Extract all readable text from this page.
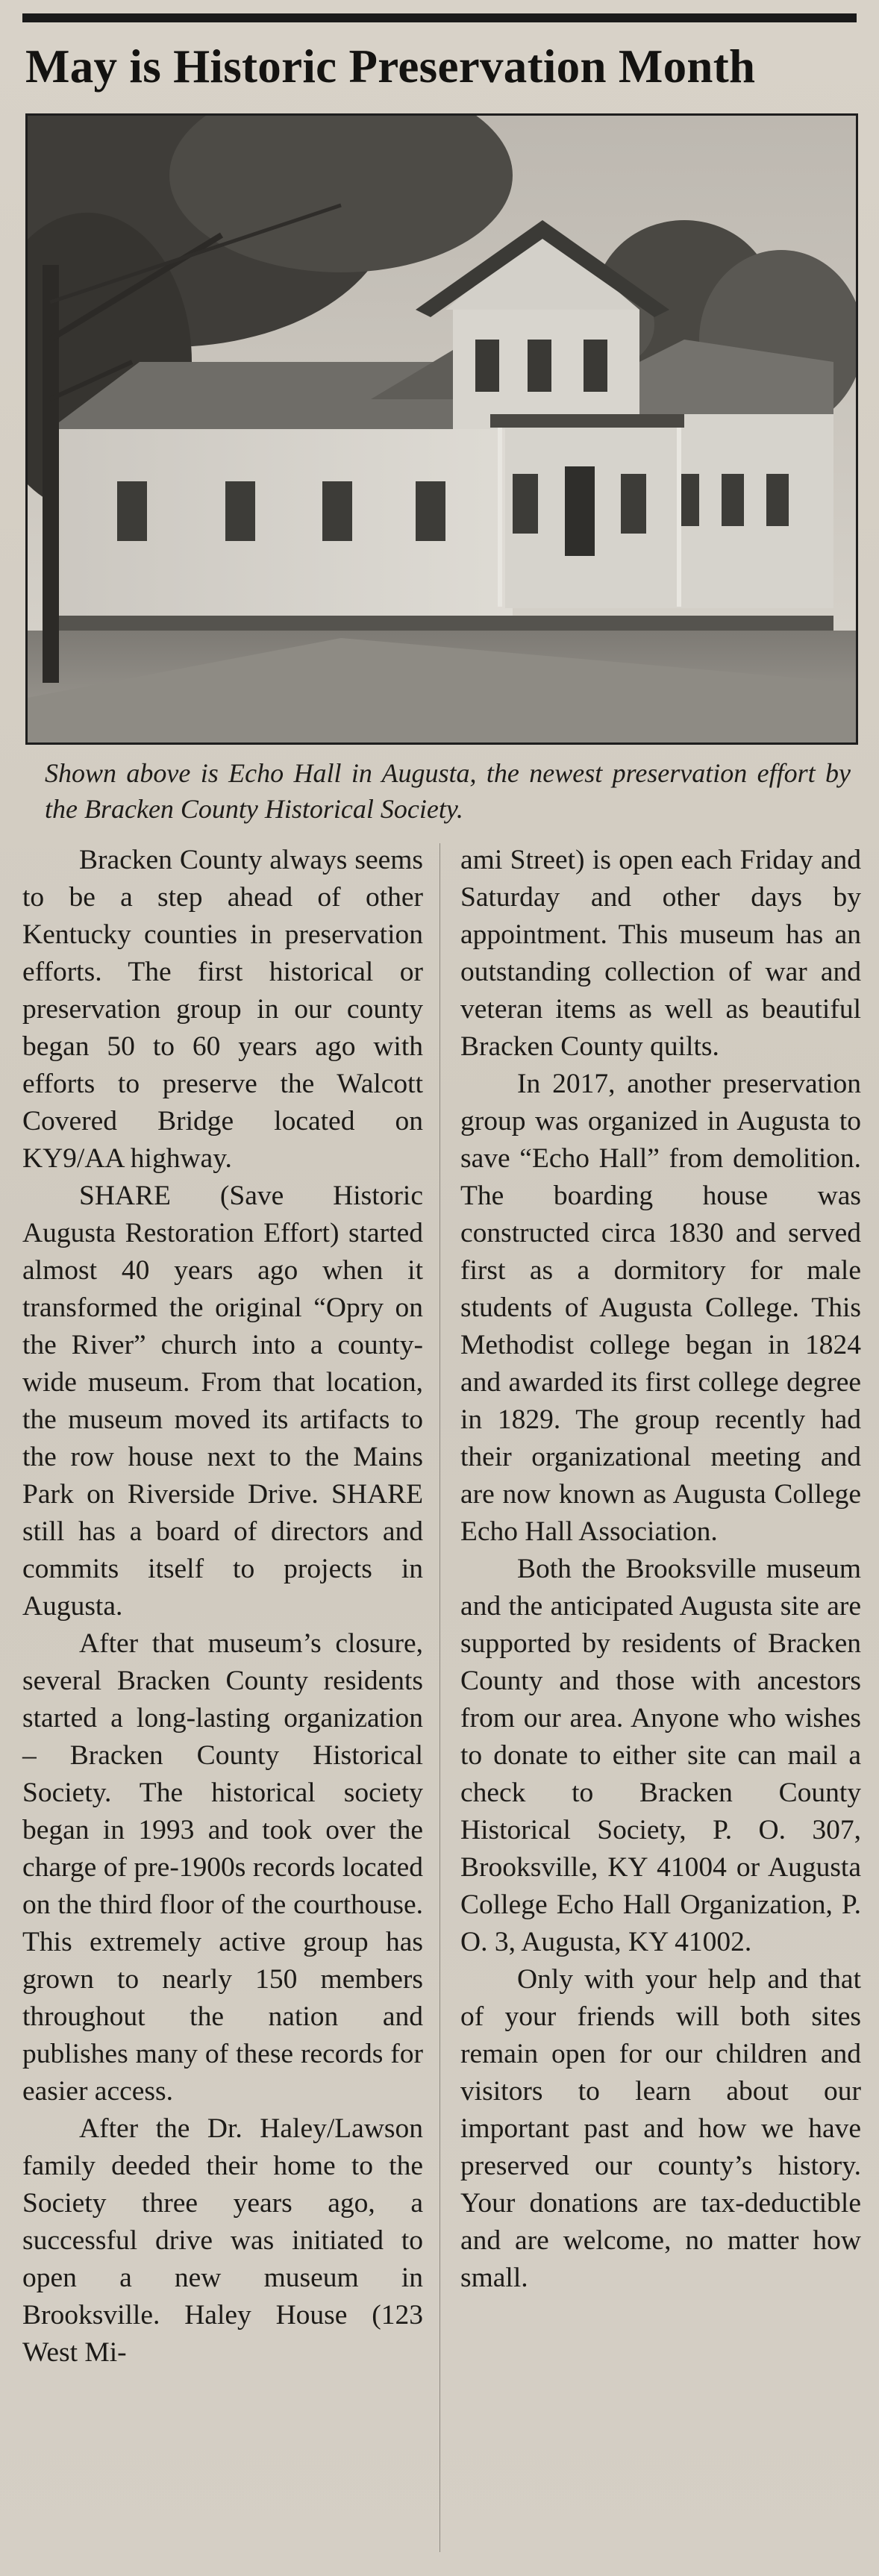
May is Historic Preservation Month

Shown above is Echo Hall in Augusta, the newest preservation effort by the Bracken County Historical Society.

Bracken County always seems to be a step ahead of other Kentucky counties in preservation efforts. The first historical or preservation group in our county began 50 to 60 years ago with efforts to preserve the Walcott Covered Bridge located on KY9/AA highway.

SHARE (Save Historic Augusta Restoration Effort) started almost 40 years ago when it transformed the original “Opry on the River” church into a county-wide museum. From that location, the museum moved its artifacts to the row house next to the Mains Park on Riverside Drive. SHARE still has a board of directors and commits itself to projects in Augusta.

After that museum’s closure, several Bracken County residents started a long-lasting organization – Bracken County Historical Society. The historical society began in 1993 and took over the charge of pre-1900s records located on the third floor of the courthouse. This extremely active group has grown to nearly 150 members throughout the nation and publishes many of these records for easier access.

After the Dr. Haley/Lawson family deeded their home to the Society three years ago, a successful drive was initiated to open a new museum in Brooksville. Haley House (123 West Mi-

ami Street) is open each Friday and Saturday and other days by appointment. This museum has an outstanding collection of war and veteran items as well as beautiful Bracken County quilts.

In 2017, another preservation group was organized in Augusta to save “Echo Hall” from demolition. The boarding house was constructed circa 1830 and served first as a dormitory for male students of Augusta College. This Methodist college began in 1824 and awarded its first college degree in 1829. The group recently had their organizational meeting and are now known as Augusta College Echo Hall Association.

Both the Brooksville museum and the anticipated Augusta site are supported by residents of Bracken County and those with ancestors from our area. Anyone who wishes to donate to either site can mail a check to Bracken County Historical Society, P. O. 307, Brooksville, KY 41004 or Augusta College Echo Hall Organization, P. O. 3, Augusta, KY 41002.

Only with your help and that of your friends will both sites remain open for our children and visitors to learn about our important past and how we have preserved our county’s history. Your donations are tax-deductible and are welcome, no matter how small.
